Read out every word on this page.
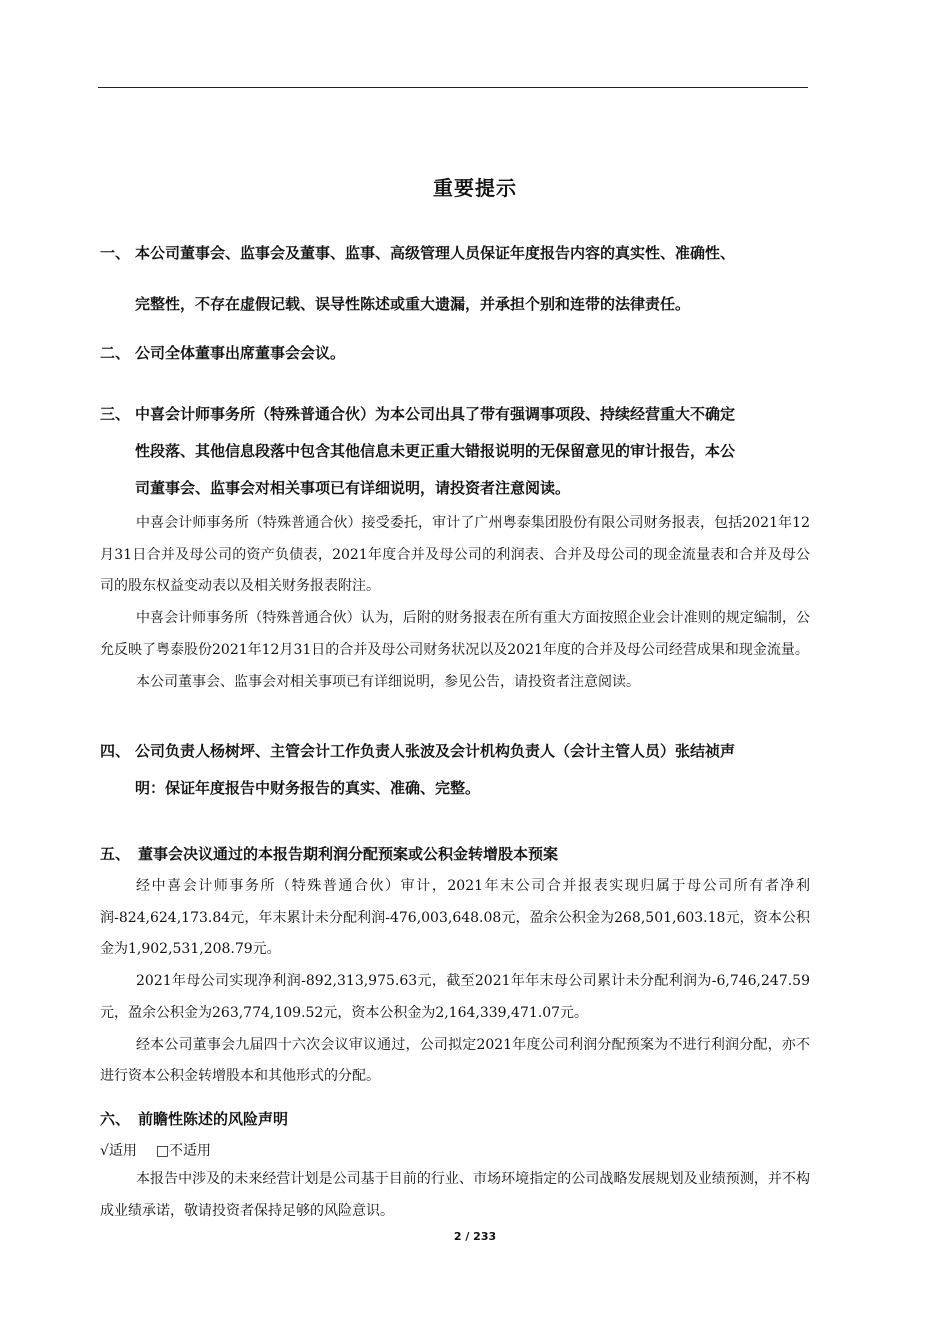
重要提示
一、 本公司董事会、监事会及董事、监事、高级管理人员保证年度报告内容的真实性、准确性、
完整性，不存在虚假记载、误导性陈述或重大遗漏，并承担个别和连带的法律责任。
二、 公司全体董事出席董事会会议。
三、 中喜会计师事务所（特殊普通合伙）为本公司出具了带有强调事项段、持续经营重大不确定
性段落、其他信息段落中包含其他信息未更正重大错报说明的无保留意见的审计报告，本公
司董事会、监事会对相关事项已有详细说明，请投资者注意阅读。

中喜会计师事务所（特殊普通合伙）接受委托，审计了广州粤泰集团股份有限公司财务报表，包括2021年12月31日合并及母公司的资产负债表，2021年度合并及母公司的利润表、合并及母公司的现金流量表和合并及母公司的股东权益变动表以及相关财务报表附注。

中喜会计师事务所（特殊普通合伙）认为，后附的财务报表在所有重大方面按照企业会计准则的规定编制，公允反映了粤泰股份2021年12月31日的合并及母公司财务状况以及2021年度的合并及母公司经营成果和现金流量。

本公司董事会、监事会对相关事项已有详细说明，参见公告，请投资者注意阅读。

四、 公司负责人杨树坪、主管会计工作负责人张波及会计机构负责人（会计主管人员）张结祯声
明：保证年度报告中财务报告的真实、准确、完整。
五、 董事会决议通过的本报告期利润分配预案或公积金转增股本预案

经中喜会计师事务所（特殊普通合伙）审计，2021年末公司合并报表实现归属于母公司所有者净利润-824,624,173.84元，年末累计未分配利润-476,003,648.08元，盈余公积金为268,501,603.18元，资本公积金为1,902,531,208.79元。

2021年母公司实现净利润-892,313,975.63元，截至2021年年末母公司累计未分配利润为-6,746,247.59元，盈余公积金为263,774,109.52元，资本公积金为2,164,339,471.07元。

经本公司董事会九届四十六次会议审议通过，公司拟定2021年度公司利润分配预案为不进行利润分配，亦不进行资本公积金转增股本和其他形式的分配。

六、 前瞻性陈述的风险声明
√适用 □不适用

本报告中涉及的未来经营计划是公司基于目前的行业、市场环境指定的公司战略发展规划及业绩预测，并不构成业绩承诺，敬请投资者保持足够的风险意识。

2 / 233
